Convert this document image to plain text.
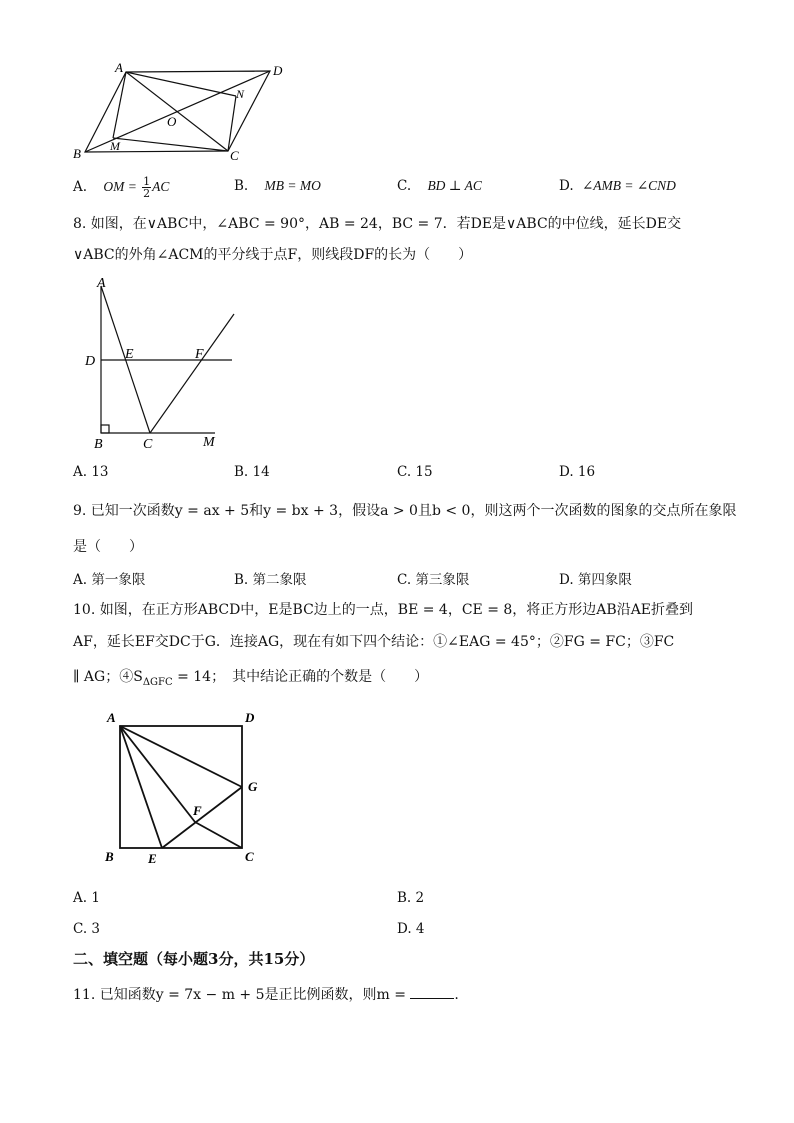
A
B	C
D
O
M
N
A. OM = $\frac{1}{2}$ AC	B. MB = MO	C. BD ⊥ AC	D. ∠AMB = ∠CND
8. 如图，在∨ABC中，∠ABC = 90°，AB = 24，BC = 7．若DE是∨ABC的中位线，延长DE交
∨ABC的外角∠ACM的平分线于点F，则线段DF的长为（　　）
A
B	C
D E	F
M
A. 13	B. 14	C. 15	D. 16
9. 已知一次函数y = ax + 5和y = bx + 3，假设a > 0且b < 0，则这两个一次函数的图象的交点所在象限
是（　　）
A. 第一象限	B. 第二象限	C. 第三象限	D. 第四象限
10. 如图，在正方形ABCD中，E是BC边上的一点，BE = 4，CE = 8，将正方形边AB沿AE折叠到
AF，延长EF交DC于G．连接AG，现在有如下四个结论：①∠EAG = 45°；②FG = FC；③FC
∥ AG；$④S_{\Delta GFC} = 14$；　其中结论正确的个数是（　　）
A
B	C
D
E
F
G
A. 1	B. 2
C. 3	D. 4
二、填空题（每小题3分，共15分）
11. 已知函数y = 7x − m + 5是正比例函数，则m =	.
